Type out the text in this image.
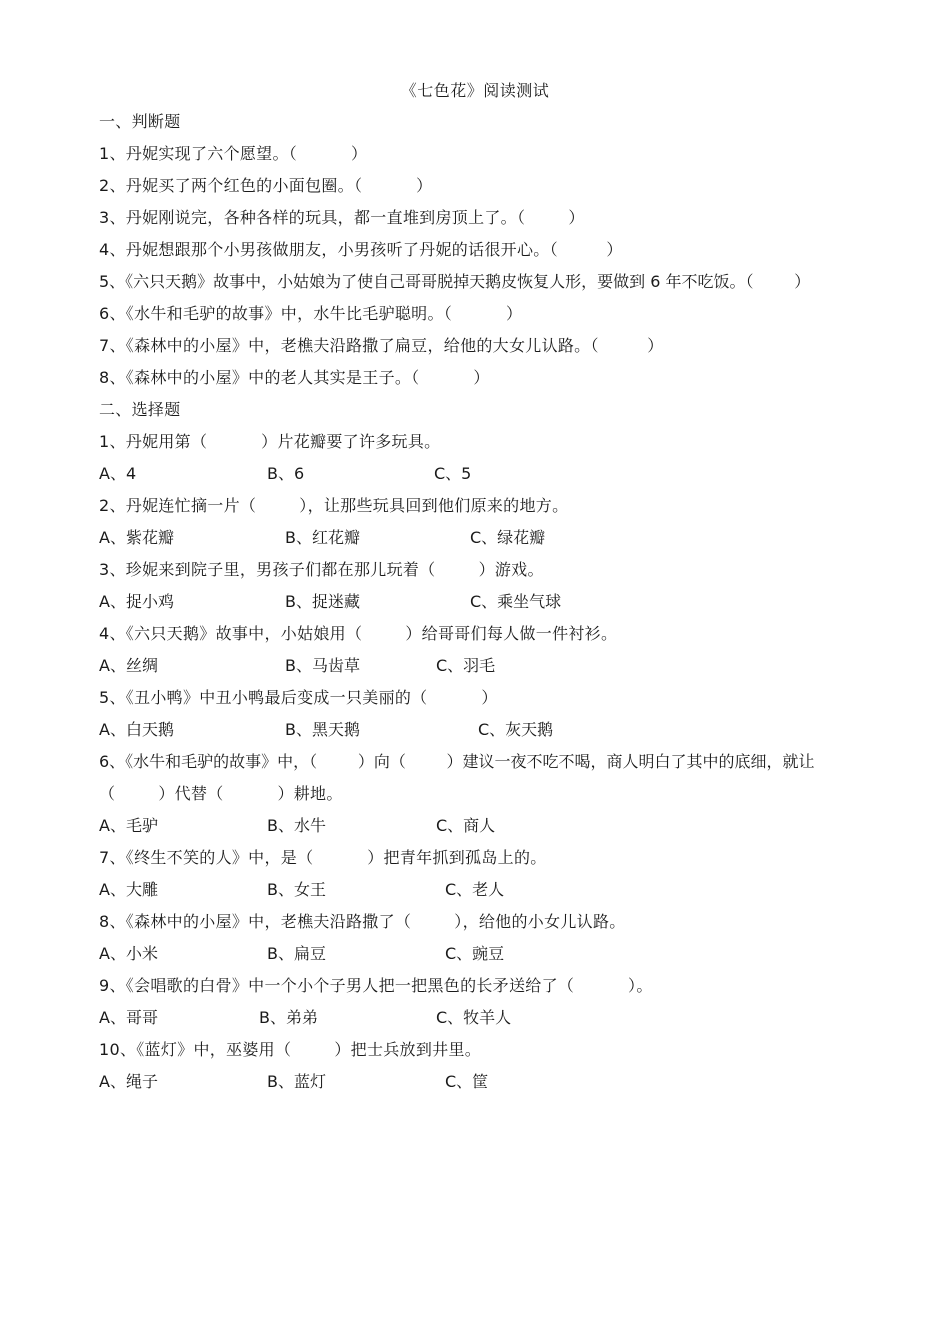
《七色花》阅读测试
一、判断题
1、丹妮实现了六个愿望。（          ）
2、丹妮买了两个红色的小面包圈。（          ）
3、丹妮刚说完，各种各样的玩具，都一直堆到房顶上了。（        ）
4、丹妮想跟那个小男孩做朋友，小男孩听了丹妮的话很开心。（         ）
5、《六只天鹅》故事中，小姑娘为了使自己哥哥脱掉天鹅皮恢复人形，要做到 6 年不吃饭。（        ）
6、《水牛和毛驴的故事》中，水牛比毛驴聪明。（          ）
7、《森林中的小屋》中，老樵夫沿路撒了扁豆，给他的大女儿认路。（         ）
8、《森林中的小屋》中的老人其实是王子。（          ）
二、选择题
1、丹妮用第（          ）片花瓣要了许多玩具。
A、4	B、6	C、5
2、丹妮连忙摘一片（        ），让那些玩具回到他们原来的地方。
A、紫花瓣	B、红花瓣	C、绿花瓣
3、珍妮来到院子里，男孩子们都在那儿玩着（        ）游戏。
A、捉小鸡	B、捉迷藏	C、乘坐气球
4、《六只天鹅》故事中，小姑娘用（        ）给哥哥们每人做一件衬衫。
A、丝绸	B、马齿草	C、羽毛
5、《丑小鸭》中丑小鸭最后变成一只美丽的（          ）
A、白天鹅	B、黑天鹅	C、灰天鹅
6、《水牛和毛驴的故事》中，（        ）向（        ）建议一夜不吃不喝，商人明白了其中的底细，就让
（        ）代替（          ）耕地。
A、毛驴	B、水牛	C、商人
7、《终生不笑的人》中，是（          ）把青年抓到孤岛上的。
A、大雕	B、女王	C、老人
8、《森林中的小屋》中，老樵夫沿路撒了（        ），给他的小女儿认路。
A、小米	B、扁豆	C、豌豆
9、《会唱歌的白骨》中一个小个子男人把一把黑色的长矛送给了（          ）。
A、哥哥	B、弟弟	C、牧羊人
10、《蓝灯》中，巫婆用（        ）把士兵放到井里。
A、绳子	B、蓝灯	C、筐
